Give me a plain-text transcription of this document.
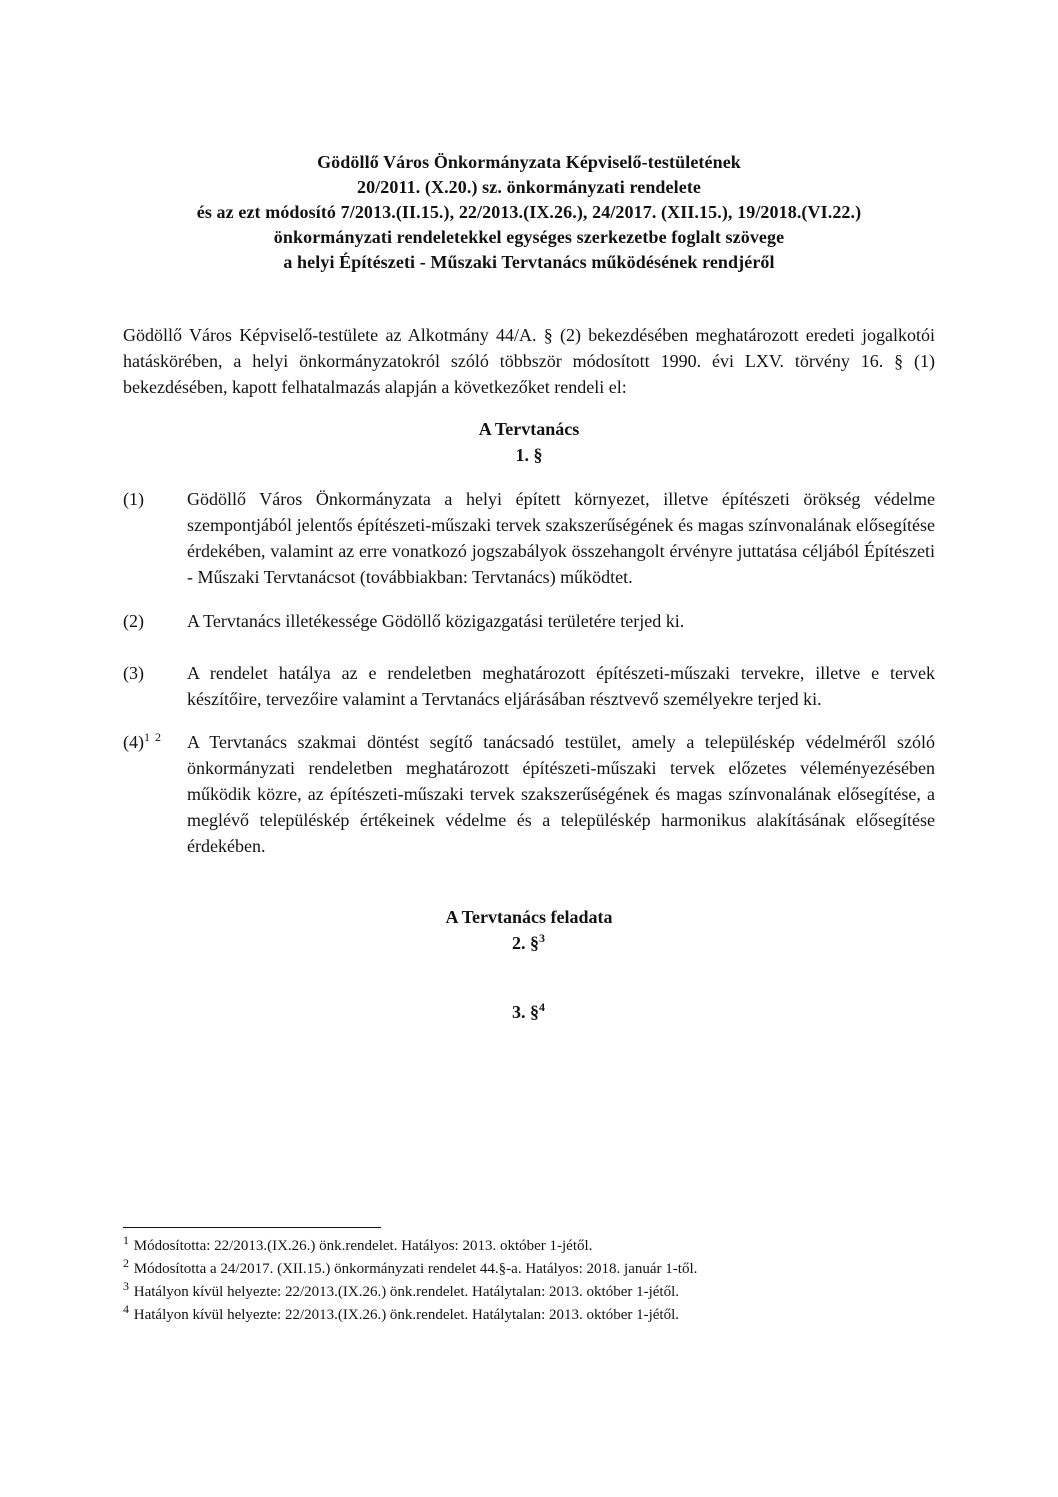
Gödöllő Város Önkormányzata Képviselő-testületének
20/2011. (X.20.) sz. önkormányzati rendelete
és az ezt módosító 7/2013.(II.15.), 22/2013.(IX.26.), 24/2017. (XII.15.), 19/2018.(VI.22.)
önkormányzati rendeletekkel egységes szerkezetbe foglalt szövege
a helyi Építészeti - Műszaki Tervtanács működésének rendjéről

Gödöllő Város Képviselő-testülete az Alkotmány 44/A. § (2) bekezdésében meghatározott eredeti jogalkotói hatáskörében, a helyi önkormányzatokról szóló többször módosított 1990. évi LXV. törvény 16. § (1) bekezdésében, kapott felhatalmazás alapján a következőket rendeli el:

A Tervtanács
1. §
(1)	Gödöllő Város Önkormányzata a helyi épített környezet, illetve építészeti örökség védelme szempontjából jelentős építészeti-műszaki tervek szakszerűségének és magas színvonalának elősegítése érdekében, valamint az erre vonatkozó jogszabályok összehangolt érvényre juttatása céljából Építészeti - Műszaki Tervtanácsot (továbbiakban: Tervtanács) működtet.
(2)	A Tervtanács illetékessége Gödöllő közigazgatási területére terjed ki.
(3)	A rendelet hatálya az e rendeletben meghatározott építészeti-műszaki tervekre, illetve e tervek készítőire, tervezőire valamint a Tervtanács eljárásában résztvevő személyekre terjed ki.
$(4)^{1 2}$	A Tervtanács szakmai döntést segítő tanácsadó testület, amely a településkép védelméről szóló önkormányzati rendeletben meghatározott építészeti-műszaki tervek előzetes véleményezésében működik közre, az építészeti-műszaki tervek szakszerűségének és magas színvonalának elősegítése, a meglévő településkép értékeinek védelme és a településkép harmonikus alakításának elősegítése érdekében.
A Tervtanács feladata
2. §$^3$
3. §$^4$
$^1$ Módosította: 22/2013.(IX.26.) önk.rendelet. Hatályos: 2013. október 1-jétől.
$^2$ Módosította a 24/2017. (XII.15.) önkormányzati rendelet 44.§-a. Hatályos: 2018. január 1-től.
$^3$ Hatályon kívül helyezte: 22/2013.(IX.26.) önk.rendelet. Hatálytalan: 2013. október 1-jétől.
$^4$ Hatályon kívül helyezte: 22/2013.(IX.26.) önk.rendelet. Hatálytalan: 2013. október 1-jétől.
